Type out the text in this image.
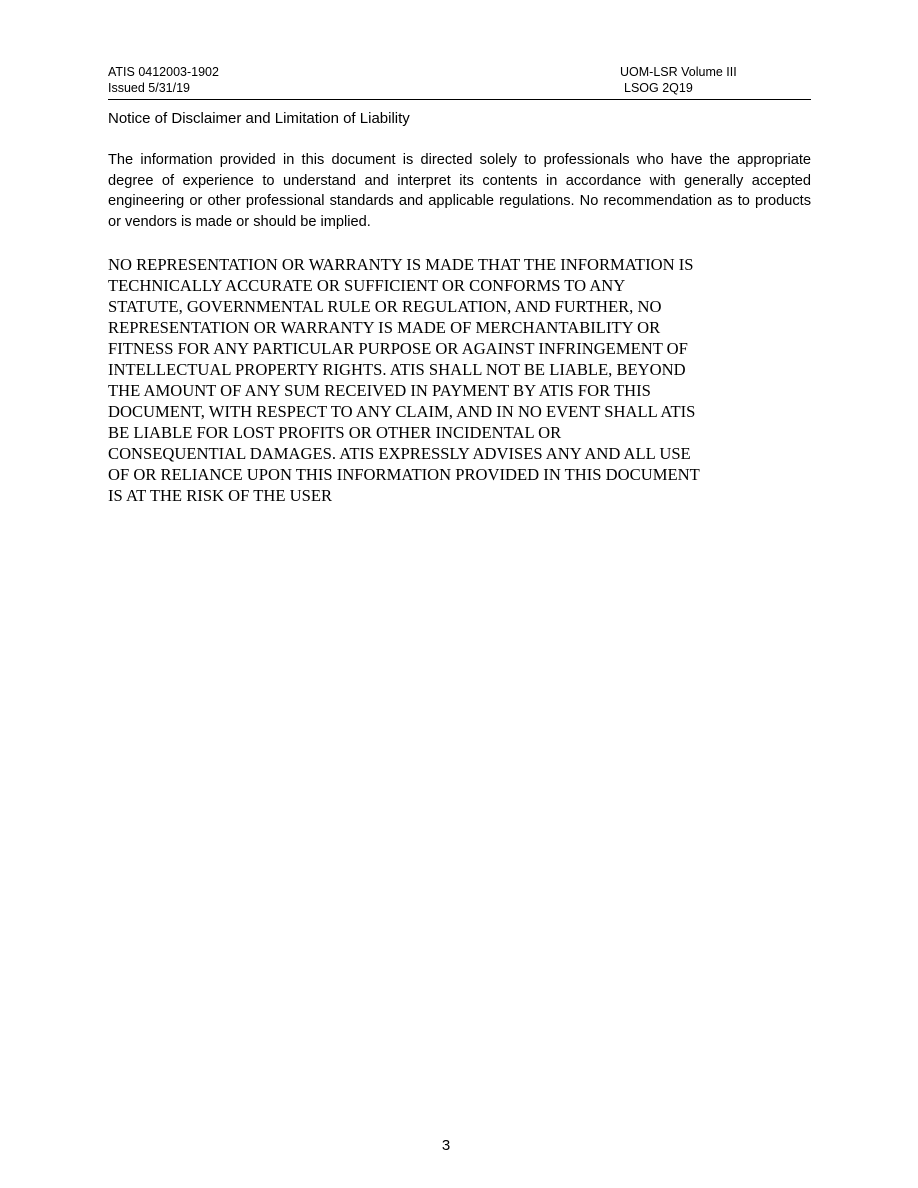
ATIS 0412003-1902
Issued 5/31/19
UOM-LSR Volume III
LSOG 2Q19
Notice of Disclaimer and Limitation of Liability

The information provided in this document is directed solely to professionals who have the appropriate degree of experience to understand and interpret its contents in accordance with generally accepted engineering or other professional standards and applicable regulations. No recommendation as to products or vendors is made or should be implied.

NO REPRESENTATION OR WARRANTY IS MADE THAT THE INFORMATION IS
TECHNICALLY ACCURATE OR SUFFICIENT OR CONFORMS TO ANY
STATUTE, GOVERNMENTAL RULE OR REGULATION, AND FURTHER, NO
REPRESENTATION OR WARRANTY IS MADE OF MERCHANTABILITY OR
FITNESS FOR ANY PARTICULAR PURPOSE OR AGAINST INFRINGEMENT OF
INTELLECTUAL PROPERTY RIGHTS. ATIS SHALL NOT BE LIABLE, BEYOND
THE AMOUNT OF ANY SUM RECEIVED IN PAYMENT BY ATIS FOR THIS
DOCUMENT, WITH RESPECT TO ANY CLAIM, AND IN NO EVENT SHALL ATIS
BE LIABLE FOR LOST PROFITS OR OTHER INCIDENTAL OR
CONSEQUENTIAL DAMAGES. ATIS EXPRESSLY ADVISES ANY AND ALL USE
OF OR RELIANCE UPON THIS INFORMATION PROVIDED IN THIS DOCUMENT
IS AT THE RISK OF THE USER
3
